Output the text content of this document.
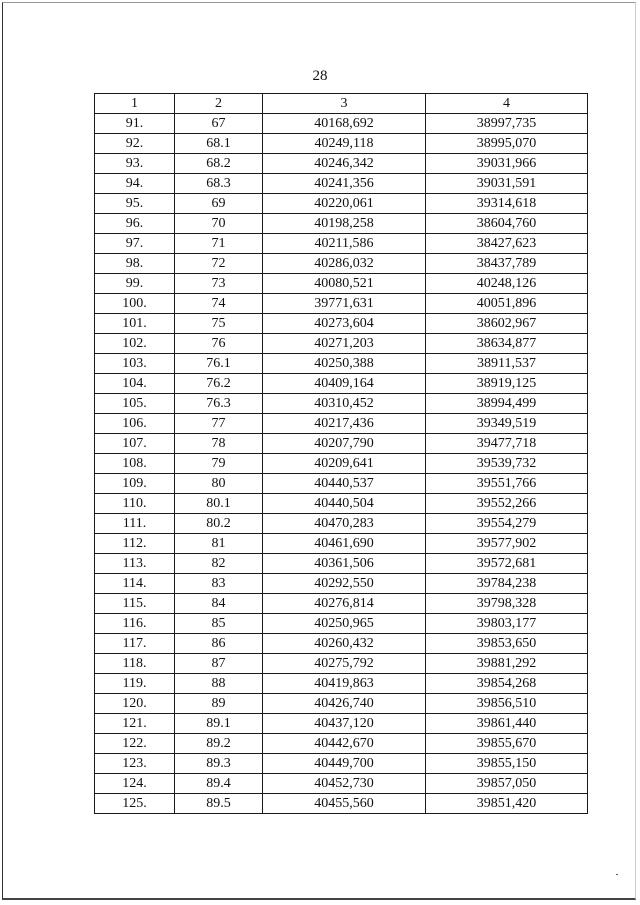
28
1	2	3	4
91.	67	40168,692	38997,735
92.	68.1	40249,118	38995,070
93.	68.2	40246,342	39031,966
94.	68.3	40241,356	39031,591
95.	69	40220,061	39314,618
96.	70	40198,258	38604,760
97.	71	40211,586	38427,623
98.	72	40286,032	38437,789
99.	73	40080,521	40248,126
100.	74	39771,631	40051,896
101.	75	40273,604	38602,967
102.	76	40271,203	38634,877
103.	76.1	40250,388	38911,537
104.	76.2	40409,164	38919,125
105.	76.3	40310,452	38994,499
106.	77	40217,436	39349,519
107.	78	40207,790	39477,718
108.	79	40209,641	39539,732
109.	80	40440,537	39551,766
110.	80.1	40440,504	39552,266
111.	80.2	40470,283	39554,279
112.	81	40461,690	39577,902
113.	82	40361,506	39572,681
114.	83	40292,550	39784,238
115.	84	40276,814	39798,328
116.	85	40250,965	39803,177
117.	86	40260,432	39853,650
118.	87	40275,792	39881,292
119.	88	40419,863	39854,268
120.	89	40426,740	39856,510
121.	89.1	40437,120	39861,440
122.	89.2	40442,670	39855,670
123.	89.3	40449,700	39855,150
124.	89.4	40452,730	39857,050
125.	89.5	40455,560	39851,420
